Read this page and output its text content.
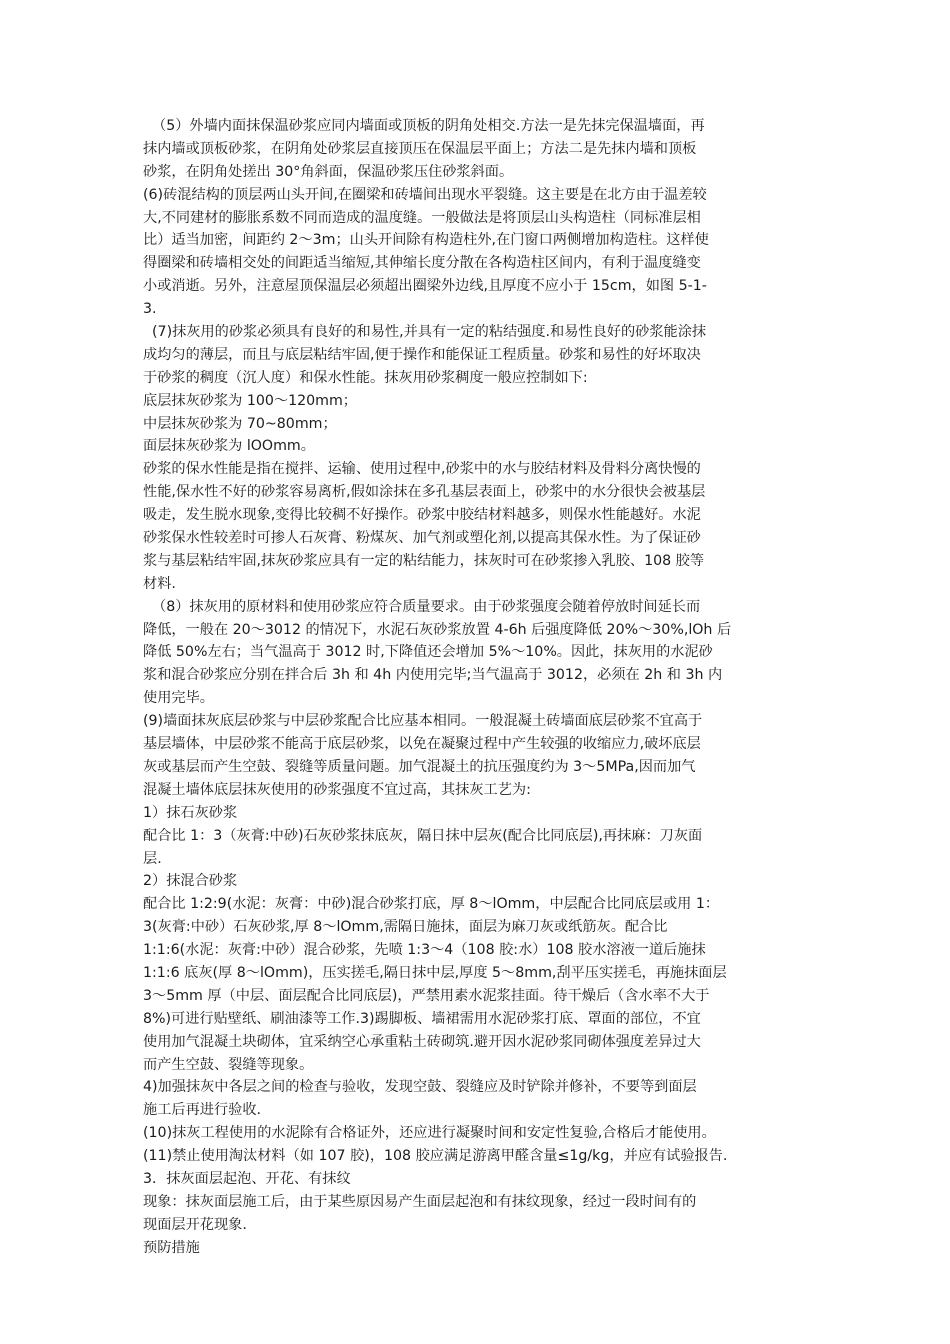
（5）外墙内面抹保温砂浆应同内墙面或顶板的阴角处相交.方法一是先抹完保温墙面，再
抹内墙或顶板砂浆，在阴角处砂浆层直接顶压在保温层平面上；方法二是先抹内墙和顶板
砂浆，在阴角处搓出 30°角斜面，保温砂浆压住砂浆斜面。
(6)砖混结构的顶层两山头开间,在圈梁和砖墙间出现水平裂缝。这主要是在北方由于温差较
大,不同建材的膨胀系数不同而造成的温度缝。一般做法是将顶层山头构造柱（同标准层相
比）适当加密，间距约 2～3m；山头开间除有构造柱外,在门窗口两侧增加构造柱。这样使
得圈梁和砖墙相交处的间距适当缩短,其伸缩长度分散在各构造柱区间内，有利于温度缝变
小或消逝。另外，注意屋顶保温层必须超出圈梁外边线,且厚度不应小于 15cm，如图 5-1-
3.
(7)抹灰用的砂浆必须具有良好的和易性,并具有一定的粘结强度.和易性良好的砂浆能涂抹
成均匀的薄层，而且与底层粘结牢固,便于操作和能保证工程质量。砂浆和易性的好坏取决
于砂浆的稠度（沉人度）和保水性能。抹灰用砂浆稠度一般应控制如下:
底层抹灰砂浆为 100～120mm；
中层抹灰砂浆为 70~80mm；
面层抹灰砂浆为 lOOmm。
砂浆的保水性能是指在搅拌、运输、使用过程中,砂浆中的水与胶结材料及骨料分离快慢的
性能,保水性不好的砂浆容易离析,假如涂抹在多孔基层表面上，砂浆中的水分很快会被基层
吸走，发生脱水现象,变得比较稠不好操作。砂浆中胶结材料越多，则保水性能越好。水泥
砂浆保水性较差时可掺人石灰膏、粉煤灰、加气剂或塑化剂,以提高其保水性。为了保证砂
浆与基层粘结牢固,抹灰砂浆应具有一定的粘结能力，抹灰时可在砂浆掺入乳胶、108 胶等
材料.
（8）抹灰用的原材料和使用砂浆应符合质量要求。由于砂浆强度会随着停放时间延长而
降低，一般在 20～3012 的情况下，水泥石灰砂浆放置 4-6h 后强度降低 20%～30%,lOh 后
降低 50%左右；当气温高于 3012 时,下降值还会增加 5%～10%。因此，抹灰用的水泥砂
浆和混合砂浆应分别在拌合后 3h 和 4h 内使用完毕;当气温高于 3012，必须在 2h 和 3h 内
使用完毕。
(9)墙面抹灰底层砂浆与中层砂浆配合比应基本相同。一般混凝土砖墙面底层砂浆不宜高于
基层墙体，中层砂浆不能高于底层砂浆，以免在凝聚过程中产生较强的收缩应力,破坏底层
灰或基层而产生空鼓、裂缝等质量问题。加气混凝土的抗压强度约为 3～5MPa,因而加气
混凝土墙体底层抹灰使用的砂浆强度不宜过高，其抹灰工艺为:
1）抹石灰砂浆
配合比 1：3（灰膏:中砂)石灰砂浆抹底灰，隔日抹中层灰(配合比同底层),再抹麻：刀灰面
层.
2）抹混合砂浆
配合比 1:2:9(水泥：灰膏：中砂)混合砂浆打底，厚 8～lOmm，中层配合比同底层或用 1：
3(灰膏:中砂）石灰砂浆,厚 8～lOmm,需隔日施抹，面层为麻刀灰或纸筋灰。配合比
1:1:6(水泥：灰膏:中砂）混合砂浆，先喷 1:3～4（108 胶:水）108 胶水溶液一道后施抹
1:1:6 底灰(厚 8～lOmm)，压实搓毛,隔日抹中层,厚度 5～8mm,刮平压实搓毛，再施抹面层
3～5mm 厚（中层、面层配合比同底层)，严禁用素水泥浆挂面。待干燥后（含水率不大于
8%)可进行贴壁纸、刷油漆等工作.3)踢脚板、墙裙需用水泥砂浆打底、罩面的部位，不宜
使用加气混凝土块砌体，宜采纳空心承重粘土砖砌筑.避开因水泥砂浆同砌体强度差异过大
而产生空鼓、裂缝等现象。
4)加强抹灰中各层之间的检查与验收，发现空鼓、裂缝应及时铲除并修补，不要等到面层
施工后再进行验收.
(10)抹灰工程使用的水泥除有合格证外，还应进行凝聚时间和安定性复验,合格后才能使用。
(11)禁止使用淘汰材料（如 107 胶)，108 胶应满足游离甲醛含量≤1g/kg，并应有试验报告.
3．抹灰面层起泡、开花、有抹纹
现象：抹灰面层施工后，由于某些原因易产生面层起泡和有抹纹现象，经过一段时间有的
现面层开花现象.
预防措施
